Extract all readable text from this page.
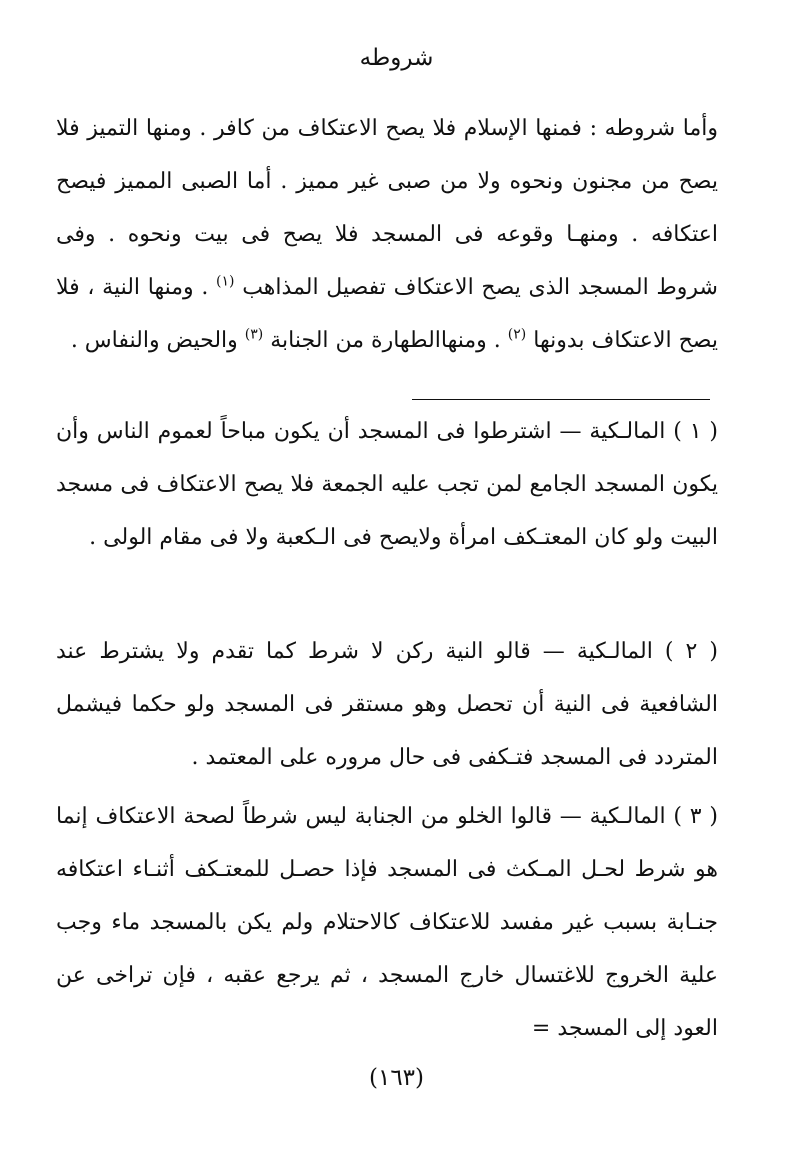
شروطه
وأما شروطه : فمنها الإسلام فلا يصح الاعتكاف من كافر . ومنها التميز فلا يصح من مجنون ونحوه ولا من صبى غير مميز . أما الصبى المميز فيصح اعتكافه . ومنهـا وقوعه فى المسجد فلا يصح فى بيت ونحوه . وفى شروط المسجد الذى يصح الاعتكاف تفصيل المذاهب $^{(١)}$ . ومنها النية ، فلا يصح الاعتكاف بدونها $^{(٢)}$ . ومنهاالطهارة من الجنابة $^{(٣)}$ والحيض والنفاس .

( ١ ) المالـكية — اشترطوا فى المسجد أن يكون مباحاً لعموم الناس وأن يكون المسجد الجامع لمن تجب عليه الجمعة فلا يصح الاعتكاف فى مسجد البيت ولو كان المعتـكف امرأة ولايصح فى الـكعبة ولا فى مقام الولى .

( ٢ ) المالـكية — قالو النية ركن لا شرط كما تقدم ولا يشترط عند الشافعية فى النية أن تحصل وهو مستقر فى المسجد ولو حكما فيشمل المتردد فى المسجد فتـكفى فى حال مروره على المعتمد .

( ٣ ) المالـكية — قالوا الخلو من الجنابة ليس شرطاً لصحة الاعتكاف إنما هو شرط لحـل المـكث فى المسجد فإذا حصـل للمعتـكف أثنـاء اعتكافه جنـابة بسبب غير مفسد للاعتكاف كالاحتلام ولم يكن بالمسجد ماء وجب علية الخروج للاغتسال خارج المسجد ، ثم يرجع عقبه ، فإن تراخى عن العود إلى المسجد =

(١٦٣)
